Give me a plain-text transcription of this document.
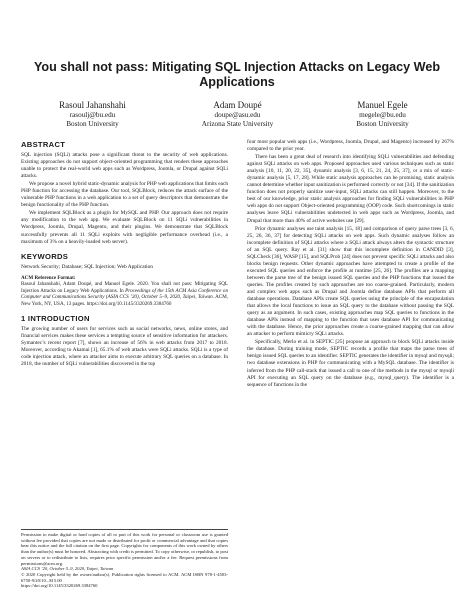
You shall not pass: Mitigating SQL Injection Attacks on Legacy Web Applications
Rasoul Jahanshahi
rasoulj@bu.edu
Boston University
Adam Doupé
doupe@asu.edu
Arizona State University
Manuel Egele
megele@bu.edu
Boston University
ABSTRACT

SQL injection (SQLi) attacks pose a significant threat to the security of web applications. Existing approaches do not support object-oriented programming that renders these approaches unable to protect the real-world web apps such as Wordpress, Joomla, or Drupal against SQLi attacks.

We propose a novel hybrid static-dynamic analysis for PHP web applications that limits each PHP function for accessing the database. Our tool, SQLBlock, reduces the attack surface of the vulnerable PHP functions in a web application to a set of query descriptors that demonstrate the benign functionality of the PHP function.

We implement SQLBlock as a plugin for MySQL and PHP. Our approach does not require any modification to the web app. We evaluate SQLBlock on 11 SQLi vulnerabilities in Wordpress, Joomla, Drupal, Magento, and their plugins. We demonstrate that SQLBlock successfully prevents all 11 SQLi exploits with negligible performance overhead (i.e., a maximum of 3% on a heavily-loaded web server).

KEYWORDS
Network Security; Database; SQL Injection; Web Application
ACM Reference Format:
Rasoul Jahanshahi, Adam Doupé, and Manuel Egele. 2020. You shall not pass: Mitigating SQL Injection Attacks on Legacy Web Applications. In Proceedings of the 15th ACM Asia Conference on Computer and Communications Security (ASIA CCS ’20), October 5–9, 2020, Taipei, Taiwan. ACM, New York, NY, USA, 13 pages. https://doi.org/10.1145/3320269.3384760
1 INTRODUCTION

The growing number of users for services such as social networks, news, online stores, and financial services makes these services a tempting source of sensitive information for attackers. Symantec’s recent report [7], shows an increase of 56% in web attacks from 2017 to 2018. Moreover, according to Akamai [1], 65.1% of web attacks were SQLi attacks. SQLi is a type of code injection attack, where an attacker aims to execute arbitrary SQL queries on a database. In 2018, the number of SQLi vulnerabilities discovered in the top

Permission to make digital or hard copies of all or part of this work for personal or classroom use is granted without fee provided that copies are not made or distributed for profit or commercial advantage and that copies bear this notice and the full citation on the first page. Copyrights for components of this work owned by others than the author(s) must be honored. Abstracting with credit is permitted. To copy otherwise, or republish, to post on servers or to redistribute to lists, requires prior specific permission and/or a fee. Request permissions from permissions@acm.org.
ASIA CCS ’20, October 5–9, 2020, Taipei, Taiwan
© 2020 Copyright held by the owner/author(s). Publication rights licensed to ACM. ACM ISBN 978-1-4503-6750-9/20/10...$15.00
https://doi.org/10.1145/3320269.3384760

four most popular web apps (i.e., Wordpress, Joomla, Drupal, and Magento) increased by 267% compared to the prior year.

There has been a great deal of research into identifying SQLi vulnerabilities and defending against SQLi attacks on web apps. Proposed approaches used various techniques such as static analysis [10, 11, 20, 22, 35], dynamic analysis [3, 6, 15, 21, 24, 25, 37], or a mix of static-dynamic analysis [5, 17, 28]. While static analysis approaches can be promising, static analysis cannot determine whether input sanitization is performed correctly or not [34]. If the sanitization function does not properly sanitize user-input, SQLi attacks can still happen. Moreover, to the best of our knowledge, prior static analysis approaches for finding SQLi vulnerabilities in PHP web apps do not support Object-oriented programming (OOP) code. Such shortcomings in static analyses leave SQLi vulnerabilities undetected in web apps such as Wordpress, Joomla, and Drupal that more than 40% of active websites use [29].

Prior dynamic analyses use taint analysis [15, 18] and comparison of query parse trees [3, 6, 25, 26, 36, 37] for detecting SQLi attacks on web apps. Such dynamic analyses follow an incomplete definition of SQLi attacks where a SQLi attack always alters the syntactic structure of an SQL query. Ray et al. [31] show that this incomplete definition in CANDID [3], SQLCheck [36], WASP [15], and SQLProb [24] does not prevent specific SQLi attacks and also blocks benign requests. Other dynamic approaches have attempted to create a profile of the executed SQL queries and enforce the profile at runtime [25, 26]. The profiles are a mapping between the parse tree of the benign issued SQL queries and the PHP functions that issued the queries. The profiles created by such approaches are too coarse-grained. Particularly, modern and complex web apps such as Drupal and Joomla define database APIs that perform all database operations. Database APIs create SQL queries using the principle of the encapsulation that allows the local functions to issue an SQL query to the database without passing the SQL query as an argument. In such cases, existing approaches map SQL queries to functions in the database APIs instead of mapping to the function that uses database API for communicating with the database. Hence, the prior approaches create a coarse-grained mapping that can allow an attacker to perform mimicry SQLi attacks.

Specifically, Merlo et al. in SEPTIC [25] propose an approach to block SQLi attacks inside the database. During training mode, SEPTIC records a profile that maps the parse trees of benign issued SQL queries to an identifier. SEPTIC generates the identifier in mysql and mysqli; two database extensions in PHP for communicating with a MySQL database. The identifier is inferred from the PHP call-stack that issued a call to one of the methods in the mysql or mysqli API for executing an SQL query on the database (e.g., mysql_query). The identifier is a sequence of functions in the
